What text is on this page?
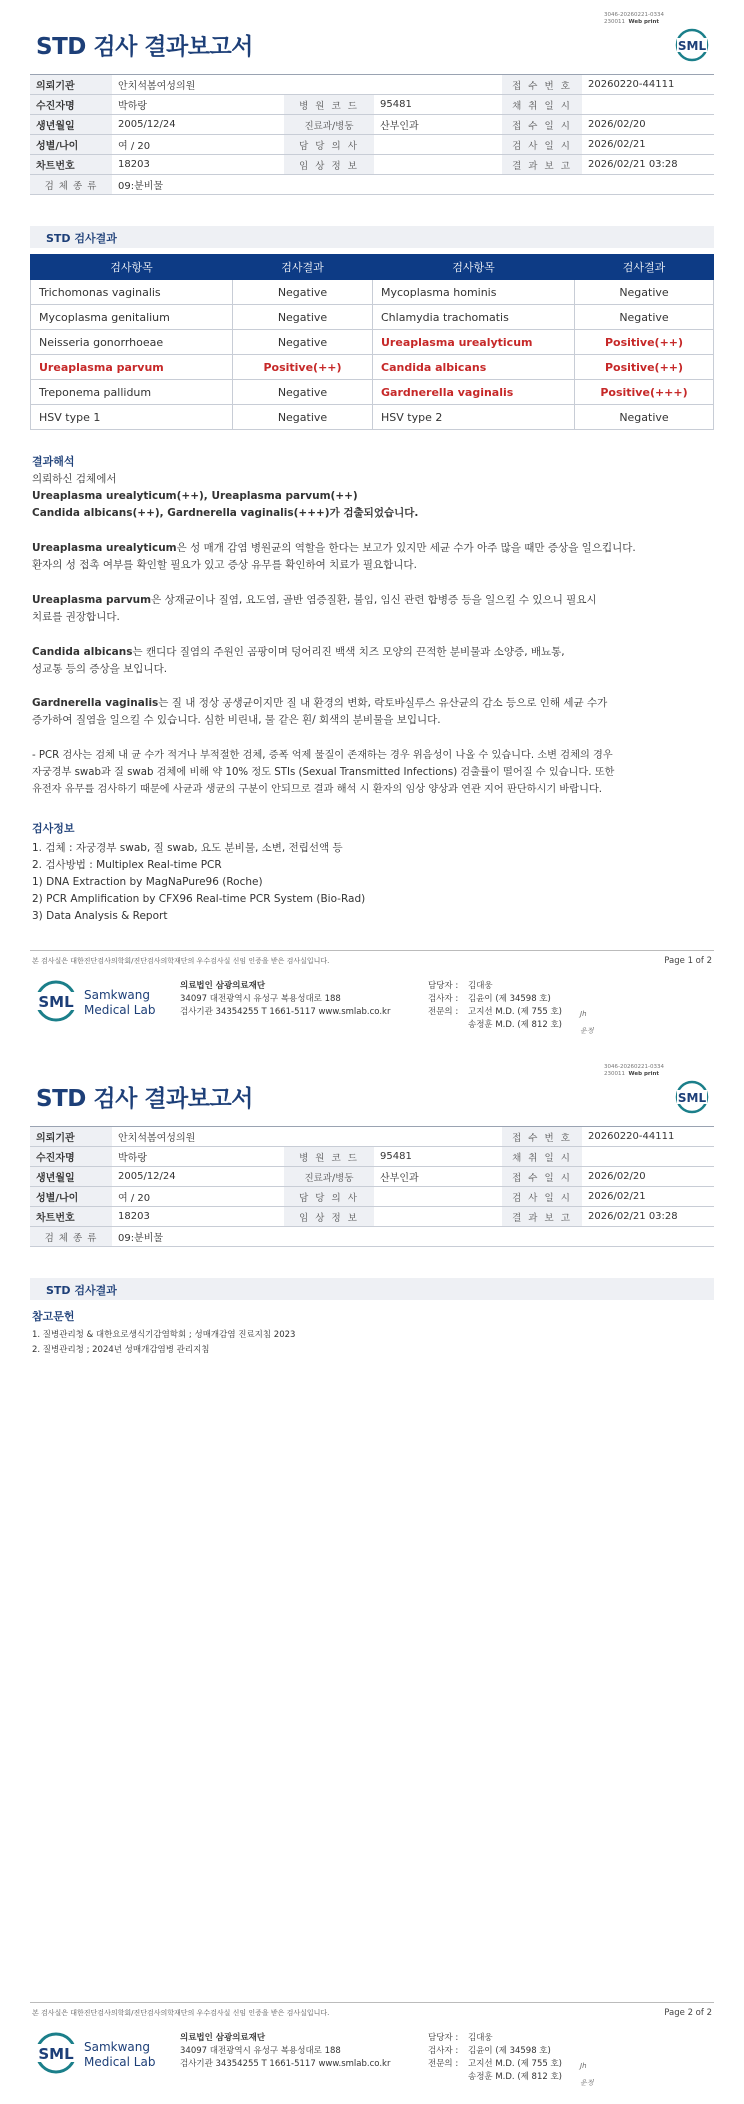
3046-20260221-0334
230011 Web print
STD 검사 결과보고서	SML
의뢰기관	안치석봄여성의원			접 수 번 호	20260220-44111
수진자명	박하랑	병 원 코 드	95481	채 취 일 시	
생년월일	2005/12/24	진료과/병동	산부인과	접 수 일 시	2026/02/20
성별/나이	여 / 20	담 당 의 사		검 사 일 시	2026/02/21
차트번호	18203	임 상 정 보		결 과 보 고	2026/02/21 03:28
검 체 종 류	09:분비물				
STD 검사결과
검사항목	검사결과	검사항목	검사결과
Trichomonas vaginalis	Negative	Mycoplasma hominis	Negative
Mycoplasma genitalium	Negative	Chlamydia trachomatis	Negative
Neisseria gonorrhoeae	Negative	Ureaplasma urealyticum	Positive(++)
Ureaplasma parvum	Positive(++)	Candida albicans	Positive(++)
Treponema pallidum	Negative	Gardnerella vaginalis	Positive(+++)
HSV type 1	Negative	HSV type 2	Negative
결과해석
의뢰하신 검체에서
Ureaplasma urealyticum(++), Ureaplasma parvum(++)
Candida albicans(++), Gardnerella vaginalis(+++)가 검출되었습니다.
Ureaplasma urealyticum은 성 매개 감염 병원균의 역할을 한다는 보고가 있지만 세균 수가 아주 많을 때만 증상을 일으킵니다.
환자의 성 접촉 여부를 확인할 필요가 있고 증상 유무를 확인하여 치료가 필요합니다.
Ureaplasma parvum은 상재균이나 질염, 요도염, 골반 염증질환, 불임, 임신 관련 합병증 등을 일으킬 수 있으니 필요시
치료를 권장합니다.
Candida albicans는 캔디다 질염의 주원인 곰팡이며 덩어리진 백색 치즈 모양의 끈적한 분비물과 소양증, 배뇨통,
성교통 등의 증상을 보입니다.
Gardnerella vaginalis는 질 내 정상 공생균이지만 질 내 환경의 변화, 락토바실루스 유산균의 감소 등으로 인해 세균 수가
증가하여 질염을 일으킬 수 있습니다. 심한 비린내, 물 같은 흰/ 회색의 분비물을 보입니다.
- PCR 검사는 검체 내 균 수가 적거나 부적절한 검체, 증폭 억제 물질이 존재하는 경우 위음성이 나올 수 있습니다. 소변 검체의 경우
자궁경부 swab과 질 swab 검체에 비해 약 10% 정도 STIs (Sexual Transmitted Infections) 검출률이 떨어질 수 있습니다. 또한
유전자 유무를 검사하기 때문에 사균과 생균의 구분이 안되므로 결과 해석 시 환자의 임상 양상과 연관 지어 판단하시기 바랍니다.
검사정보
1. 검체 : 자궁경부 swab, 질 swab, 요도 분비물, 소변, 전립선액 등
2. 검사방법 : Multiplex Real-time PCR
1) DNA Extraction by MagNaPure96 (Roche)
2) PCR Amplification by CFX96 Real-time PCR System (Bio-Rad)
3) Data Analysis & Report
본 검사실은 대한진단검사의학회/진단검사의학재단의 우수검사실 신임 인증을 받은 검사실입니다.	Page 1 of 2
SML Samkwang
Medical Lab
의료법인 삼광의료재단
34097 대전광역시 유성구 복용성대로 188
검사기관 34354255 T 1661-5117 www.smlab.co.kr
담당자 : 김대웅
검사자 : 김윤이 (제 34598 호)
전문의 : 고지선 M.D. (제 755 호)
송정훈 M.D. (제 812 호)
Jh
운정
3046-20260221-0334
230011 Web print
STD 검사 결과보고서	SML
의뢰기관	안치석봄여성의원			접 수 번 호	20260220-44111
수진자명	박하랑	병 원 코 드	95481	채 취 일 시	
생년월일	2005/12/24	진료과/병동	산부인과	접 수 일 시	2026/02/20
성별/나이	여 / 20	담 당 의 사		검 사 일 시	2026/02/21
차트번호	18203	임 상 정 보		결 과 보 고	2026/02/21 03:28
검 체 종 류	09:분비물				
STD 검사결과
참고문헌
1. 질병관리청 & 대한요로생식기감염학회 ; 성매개감염 진료지침 2023
2. 질병관리청 ; 2024년 성매개감염병 관리지침
본 검사실은 대한진단검사의학회/진단검사의학재단의 우수검사실 신임 인증을 받은 검사실입니다.	Page 2 of 2
SML Samkwang
Medical Lab
의료법인 삼광의료재단
34097 대전광역시 유성구 복용성대로 188
검사기관 34354255 T 1661-5117 www.smlab.co.kr
담당자 : 김대웅
검사자 : 김윤이 (제 34598 호)
전문의 : 고지선 M.D. (제 755 호)
송정훈 M.D. (제 812 호)
Jh
운정
